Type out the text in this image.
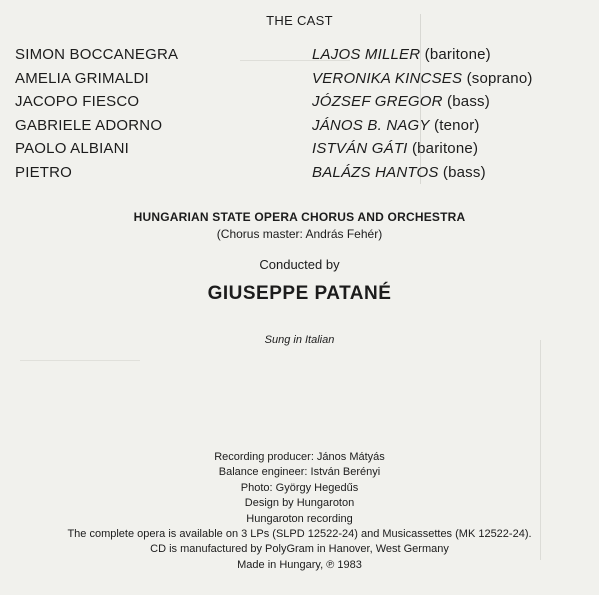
THE CAST
SIMON BOCCANEGRA
AMELIA GRIMALDI
JACOPO FIESCO
GABRIELE ADORNO
PAOLO ALBIANI
PIETRO
LAJOS MILLER (baritone)
VERONIKA KINCSES (soprano)
JÓZSEF GREGOR (bass)
JÁNOS B. NAGY (tenor)
ISTVÁN GÁTI (baritone)
BALÁZS HANTOS (bass)
HUNGARIAN STATE OPERA CHORUS AND ORCHESTRA
(Chorus master: András Fehér)
Conducted by
GIUSEPPE PATANÉ
Sung in Italian
Recording producer: János Mátyás
Balance engineer: István Berényi
Photo: György Hegedűs
Design by Hungaroton
Hungaroton recording
The complete opera is available on 3 LPs (SLPD 12522-24) and Musicassettes (MK 12522-24).
CD is manufactured by PolyGram in Hanover, West Germany
Made in Hungary, ℗ 1983
